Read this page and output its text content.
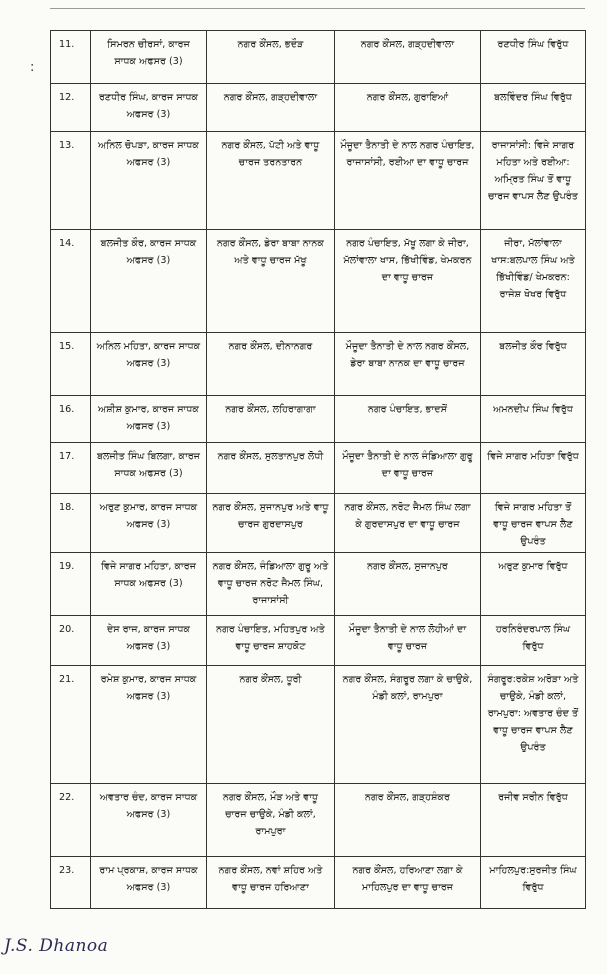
:
11.	ਸਿਮਰਨ ਚੀਰਸਾਂ, ਕਾਰਜ ਸਾਧਕ ਅਫਸਰ (3)	ਨਗਰ ਕੌਂਸਲ, ਭਦੌੜ	ਨਗਰ ਕੌਂਸਲ, ਗੜ੍ਹਦੀਵਾਲਾ	ਰਣਧੀਰ ਸਿੰਘ ਵਿਰੁੱਧ
12.	ਰਣਧੀਰ ਸਿੰਘ, ਕਾਰਜ ਸਾਧਕ ਅਫਸਰ (3)	ਨਗਰ ਕੌਂਸਲ, ਗੜ੍ਹਦੀਵਾਲਾ	ਨਗਰ ਕੌਂਸਲ, ਗੁਰਾਇਆਂ	ਬਲਵਿੰਦਰ ਸਿੰਘ ਵਿਰੁੱਧ
13.	ਅਨਿਲ ਚੋਪੜਾ, ਕਾਰਜ ਸਾਧਕ ਅਫਸਰ (3)	ਨਗਰ ਕੌਂਸਲ, ਪੱਟੀ ਅਤੇ ਵਾਧੂ ਚਾਰਜ ਤਰਨਤਾਰਨ	ਮੌਜੂਦਾ ਤੈਨਾਤੀ ਦੇ ਨਾਲ ਨਗਰ ਪੰਚਾਇਤ, ਰਾਜਾਸਾਂਸੀ, ਰਈਆ ਦਾ ਵਾਧੂ ਚਾਰਜ	ਰਾਜਾਸਾਂਸੀ: ਵਿਜੇ ਸਾਗਰ ਮਹਿਤਾ ਅਤੇ ਰਈਆ: ਅਮ੍ਰਿਤ ਸਿੰਘ ਤੋਂ ਵਾਧੂ ਚਾਰਜ ਵਾਪਸ ਲੈਣ ਉਪਰੰਤ
14.	ਬਲਜੀਤ ਕੌਰ, ਕਾਰਜ ਸਾਧਕ ਅਫਸਰ (3)	ਨਗਰ ਕੌਂਸਲ, ਡੇਰਾ ਬਾਬਾ ਨਾਨਕ ਅਤੇ ਵਾਧੂ ਚਾਰਜ ਮੱਖੂ	ਨਗਰ ਪੰਚਾਇਤ, ਮੱਖੂ ਲਗਾ ਕੇ ਜੀਰਾ, ਮੱਲਾਂਵਾਲਾ ਖਾਸ, ਭਿੱਖੀਵਿੰਡ, ਖੇਮਕਰਨ ਦਾ ਵਾਧੂ ਚਾਰਜ	ਜੀਰਾ, ਮੱਲਾਂਵਾਲਾ ਖਾਸ:ਬਲਪਾਲ ਸਿੰਘ ਅਤੇ ਭਿੱਖੀਵਿੰਡ/ ਖੇਮਕਰਨ: ਰਾਜੇਸ਼ ਖੋਖਰ ਵਿਰੁੱਧ
15.	ਅਨਿਲ ਮਹਿਤਾ, ਕਾਰਜ ਸਾਧਕ ਅਫਸਰ (3)	ਨਗਰ ਕੌਂਸਲ, ਦੀਨਾਨਗਰ	ਮੌਜੂਦਾ ਤੈਨਾਤੀ ਦੇ ਨਾਲ ਨਗਰ ਕੌਂਸਲ, ਡੇਰਾ ਬਾਬਾ ਨਾਨਕ ਦਾ ਵਾਧੂ ਚਾਰਜ	ਬਲਜੀਤ ਕੌਰ ਵਿਰੁੱਧ
16.	ਅਸ਼ੀਸ਼ ਕੁਮਾਰ, ਕਾਰਜ ਸਾਧਕ ਅਫਸਰ (3)	ਨਗਰ ਕੌਂਸਲ, ਲਹਿਰਾਗਾਗਾ	ਨਗਰ ਪੰਚਾਇਤ, ਭਾਦਸੋਂ	ਅਮਨਦੀਪ ਸਿੰਘ ਵਿਰੁੱਧ
17.	ਬਲਜੀਤ ਸਿੰਘ ਬਿਲਗਾ, ਕਾਰਜ ਸਾਧਕ ਅਫਸਰ (3)	ਨਗਰ ਕੌਂਸਲ, ਸੁਲਤਾਨਪੁਰ ਲੋਧੀ	ਮੌਜੂਦਾ ਤੈਨਾਤੀ ਦੇ ਨਾਲ ਜੰਡਿਆਲਾ ਗੁਰੂ ਦਾ ਵਾਧੂ ਚਾਰਜ	ਵਿਜੇ ਸਾਗਰ ਮਹਿਤਾ ਵਿਰੁੱਧ
18.	ਅਰੁਣ ਕੁਮਾਰ, ਕਾਰਜ ਸਾਧਕ ਅਫਸਰ (3)	ਨਗਰ ਕੌਂਸਲ, ਸੁਜਾਨਪੁਰ ਅਤੇ ਵਾਧੂ ਚਾਰਜ ਗੁਰਦਾਸਪੁਰ	ਨਗਰ ਕੌਂਸਲ, ਨਰੋਟ ਜੈਮਲ ਸਿੰਘ ਲਗਾ ਕੇ ਗੁਰਦਾਸਪੁਰ ਦਾ ਵਾਧੂ ਚਾਰਜ	ਵਿਜੇ ਸਾਗਰ ਮਹਿਤਾ ਤੋਂ ਵਾਧੂ ਚਾਰਜ ਵਾਪਸ ਲੈਣ ਉਪਰੰਤ
19.	ਵਿਜੇ ਸਾਗਰ ਮਹਿਤਾ, ਕਾਰਜ ਸਾਧਕ ਅਫਸਰ (3)	ਨਗਰ ਕੌਂਸਲ, ਜੰਡਿਆਲਾ ਗੁਰੂ ਅਤੇ ਵਾਧੂ ਚਾਰਜ ਨਰੋਟ ਜੈਮਲ ਸਿੰਘ, ਰਾਜਾਸਾਂਸੀ	ਨਗਰ ਕੌਂਸਲ, ਸੁਜਾਨਪੁਰ	ਅਰੁਣ ਕੁਮਾਰ ਵਿਰੁੱਧ
20.	ਦੇਸ ਰਾਜ, ਕਾਰਜ ਸਾਧਕ ਅਫਸਰ (3)	ਨਗਰ ਪੰਚਾਇਤ, ਮਹਿਤਪੁਰ ਅਤੇ ਵਾਧੂ ਚਾਰਜ ਸ਼ਾਹਕੋਟ	ਮੌਜੂਦਾ ਤੈਨਾਤੀ ਦੇ ਨਾਲ ਲੋਹੀਆਂ ਦਾ ਵਾਧੂ ਚਾਰਜ	ਹਰਨਿਰੰਦਰਪਾਲ ਸਿੰਘ ਵਿਰੁੱਧ
21.	ਰਮੇਸ਼ ਕੁਮਾਰ, ਕਾਰਜ ਸਾਧਕ ਅਫਸਰ (3)	ਨਗਰ ਕੌਂਸਲ, ਧੂਰੀ	ਨਗਰ ਕੌਂਸਲ, ਸੰਗਰੂਰ ਲਗਾ ਕੇ ਚਾਉਕੇ, ਮੰਡੀ ਕਲਾਂ, ਰਾਮਪੁਰਾ	ਸੰਗਰੂਰ:ਰਕੇਸ਼ ਅਰੋੜਾ ਅਤੇ ਚਾਉਕੇ, ਮੰਡੀ ਕਲਾਂ, ਰਾਮਪੁਰਾ: ਅਵਤਾਰ ਚੰਦ ਤੋਂ ਵਾਧੂ ਚਾਰਜ ਵਾਪਸ ਲੈਣ ਉਪਰੰਤ
22.	ਅਵਤਾਰ ਚੰਦ, ਕਾਰਜ ਸਾਧਕ ਅਫਸਰ (3)	ਨਗਰ ਕੌਂਸਲ, ਮੌੜ ਅਤੇ ਵਾਧੂ ਚਾਰਜ ਚਾਉਕੇ, ਮੰਡੀ ਕਲਾਂ, ਰਾਮਪੁਰਾ	ਨਗਰ ਕੌਂਸਲ, ਗੜ੍ਹਸ਼ੰਕਰ	ਰਜੀਵ ਸਰੀਨ ਵਿਰੁੱਧ
23.	ਰਾਮ ਪ੍ਰਕਾਸ਼, ਕਾਰਜ ਸਾਧਕ ਅਫਸਰ (3)	ਨਗਰ ਕੌਂਸਲ, ਨਵਾਂ ਸ਼ਹਿਰ ਅਤੇ ਵਾਧੂ ਚਾਰਜ ਹਰਿਆਣਾ	ਨਗਰ ਕੌਂਸਲ, ਹਰਿਆਣਾ ਲਗਾ ਕੇ ਮਾਹਿਲਪੁਰ ਦਾ ਵਾਧੂ ਚਾਰਜ	ਮਾਹਿਲਪੁਰ:ਸੁਰਜੀਤ ਸਿੰਘ ਵਿਰੁੱਧ
J.S. Dhanoa
